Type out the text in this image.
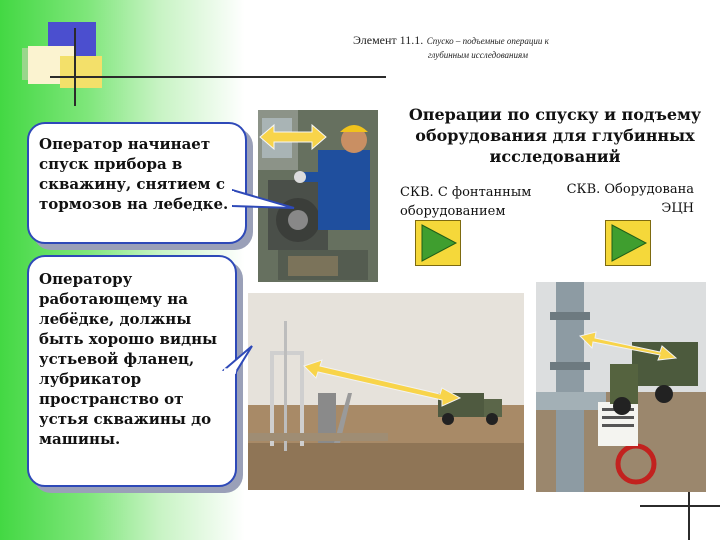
Элемент 11.1. Спуско – подъемные операции к
глубинным исследованиям
Оператор начинает спуск прибора в скважину, снятием с тормозов на лебедке.
Оператору работающему на лебёдке, должны быть хорошо видны устьевой фланец, лубрикатор пространство от устья скважины до машины.
Операции по спуску и подъему оборудования для глубинных исследований
СКВ. С фонтанным оборудованием
СКВ. Оборудована ЭЦН
